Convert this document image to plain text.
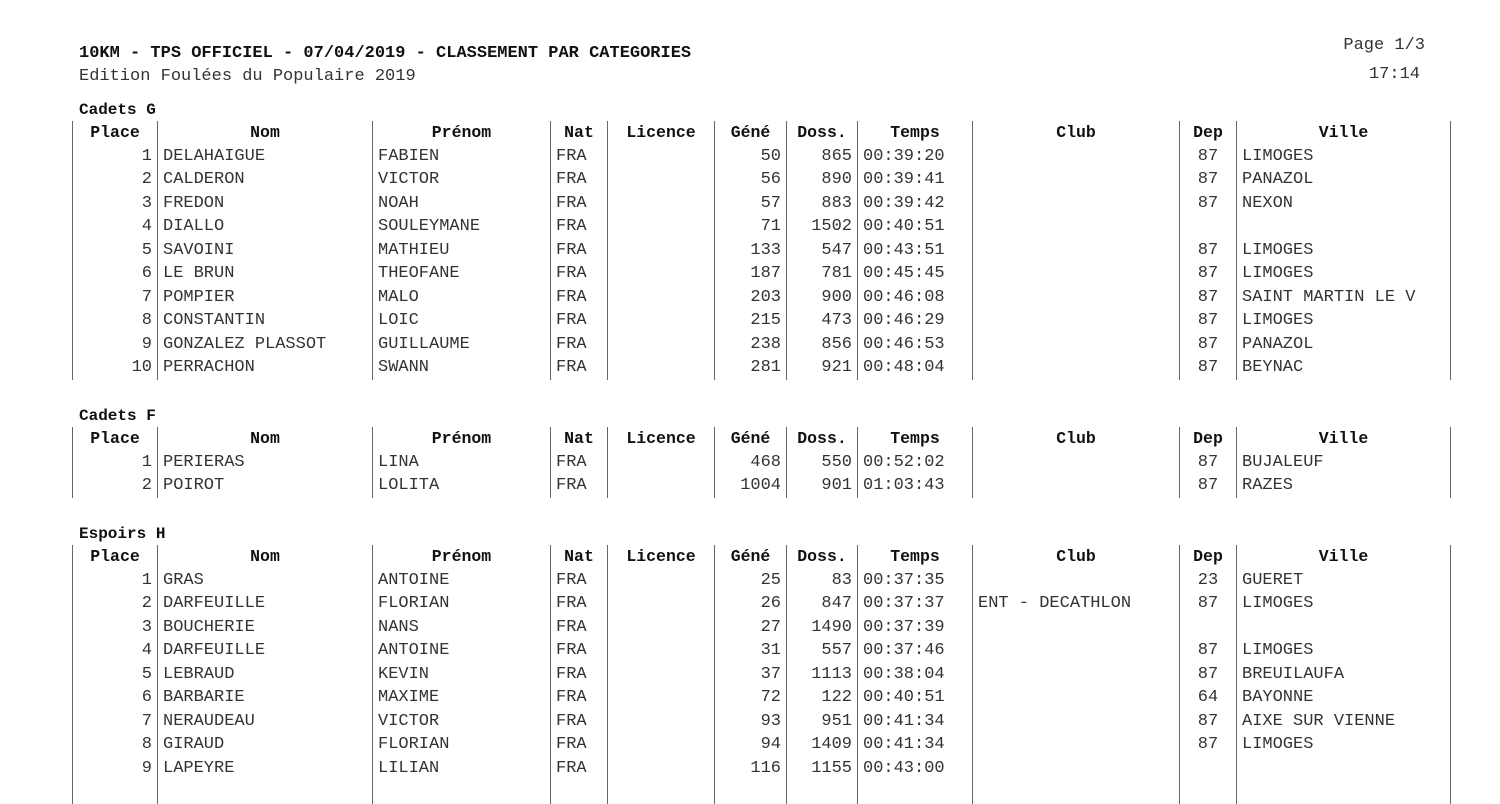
10KM - TPS OFFICIEL - 07/04/2019 - CLASSEMENT PAR CATEGORIES
Edition Foulées du Populaire 2019
Page 1/3
17:14
Cadets G
Place	Nom	Prénom	Nat	Licence	Géné	Doss.	Temps	Club	Dep	Ville
1	DELAHAIGUE	FABIEN	FRA		50	865	00:39:20		87	LIMOGES
2	CALDERON	VICTOR	FRA		56	890	00:39:41		87	PANAZOL
3	FREDON	NOAH	FRA		57	883	00:39:42		87	NEXON
4	DIALLO	SOULEYMANE	FRA		71	1502	00:40:51			
5	SAVOINI	MATHIEU	FRA		133	547	00:43:51		87	LIMOGES
6	LE BRUN	THEOFANE	FRA		187	781	00:45:45		87	LIMOGES
7	POMPIER	MALO	FRA		203	900	00:46:08		87	SAINT MARTIN LE V
8	CONSTANTIN	LOIC	FRA		215	473	00:46:29		87	LIMOGES
9	GONZALEZ PLASSOT	GUILLAUME	FRA		238	856	00:46:53		87	PANAZOL
10	PERRACHON	SWANN	FRA		281	921	00:48:04		87	BEYNAC
Cadets F
Place	Nom	Prénom	Nat	Licence	Géné	Doss.	Temps	Club	Dep	Ville
1	PERIERAS	LINA	FRA		468	550	00:52:02		87	BUJALEUF
2	POIROT	LOLITA	FRA		1004	901	01:03:43		87	RAZES
Espoirs H
Place	Nom	Prénom	Nat	Licence	Géné	Doss.	Temps	Club	Dep	Ville
1	GRAS	ANTOINE	FRA		25	83	00:37:35		23	GUERET
2	DARFEUILLE	FLORIAN	FRA		26	847	00:37:37	ENT - DECATHLON	87	LIMOGES
3	BOUCHERIE	NANS	FRA		27	1490	00:37:39			
4	DARFEUILLE	ANTOINE	FRA		31	557	00:37:46		87	LIMOGES
5	LEBRAUD	KEVIN	FRA		37	1113	00:38:04		87	BREUILAUFA
6	BARBARIE	MAXIME	FRA		72	122	00:40:51		64	BAYONNE
7	NERAUDEAU	VICTOR	FRA		93	951	00:41:34		87	AIXE SUR VIENNE
8	GIRAUD	FLORIAN	FRA		94	1409	00:41:34		87	LIMOGES
9	LAPEYRE	LILIAN	FRA		116	1155	00:43:00			
